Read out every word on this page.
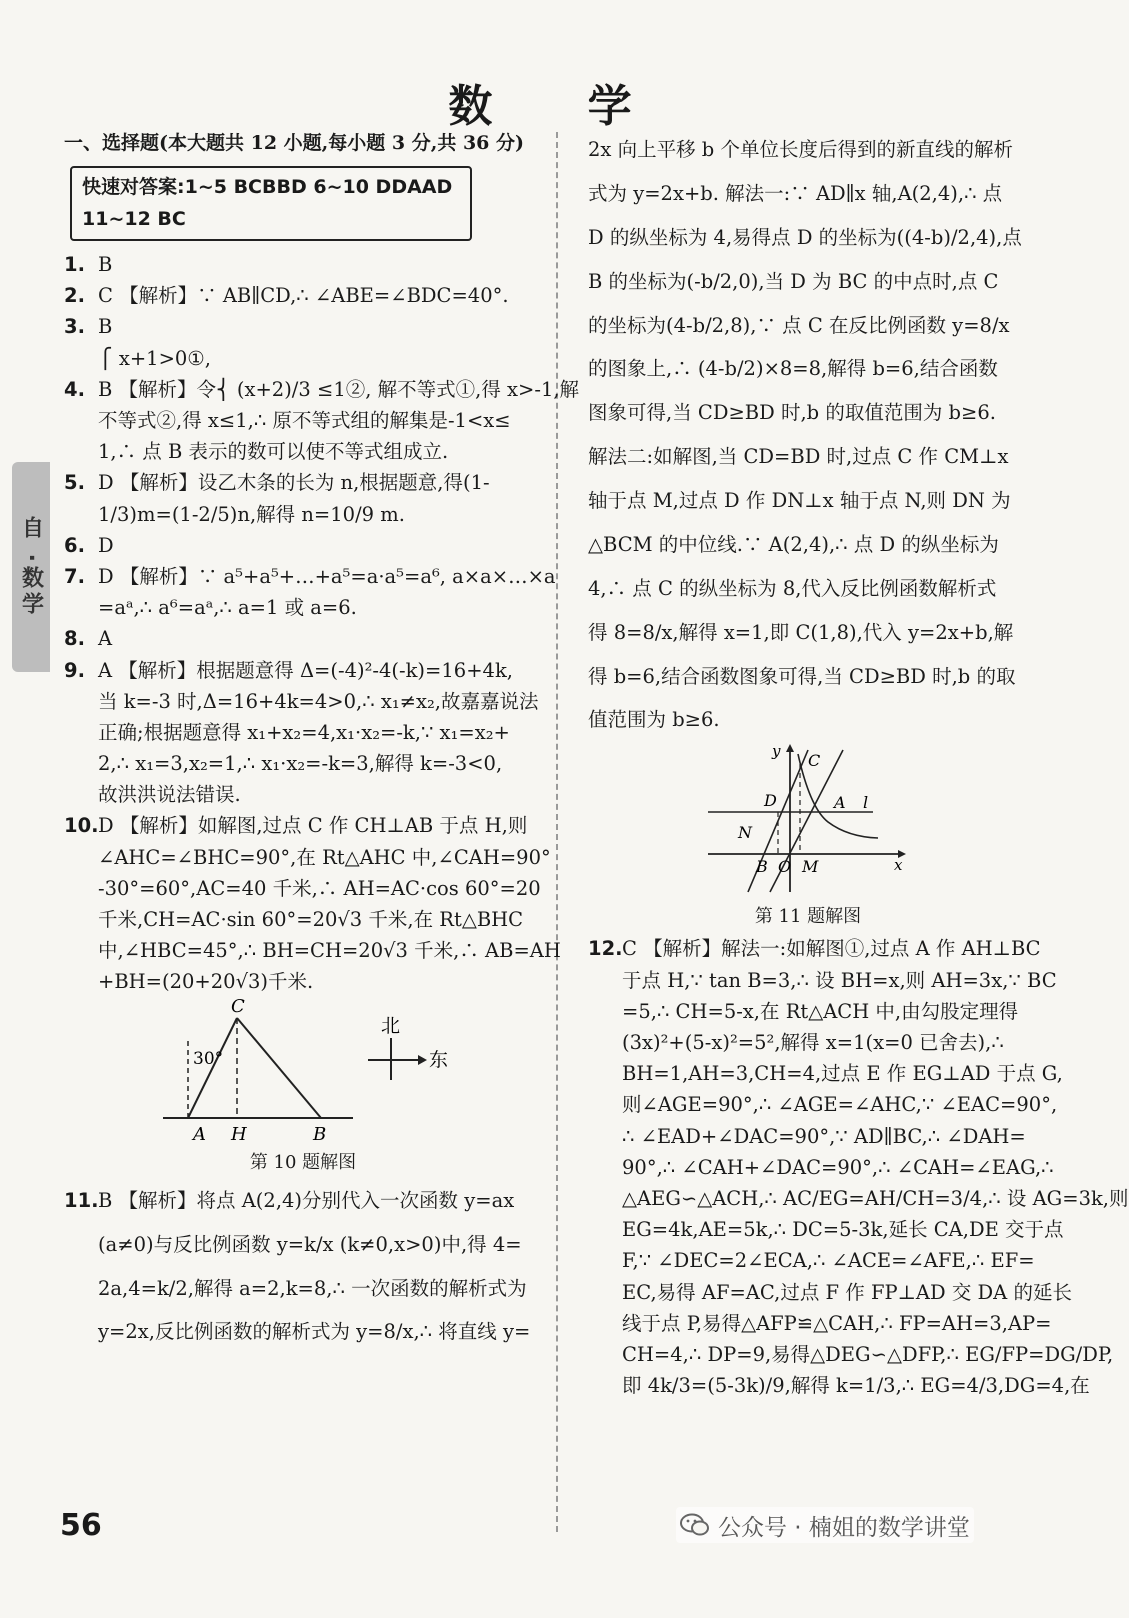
数 学
自 ·数学
一、选择题(本大题共 12 小题,每小题 3 分,共 36 分)
快速对答案:1~5 BCBBD 6~10 DDAAD
11~12 BC

1. B

2. C 【解析】∵ AB∥CD,∴ ∠ABE=∠BDC=40°.

3. B

⎧ x+1>0①,

4. B 【解析】令⎨ (x+2)/3 ≤1②, 解不等式①,得 x>-1,解

不等式②,得 x≤1,∴ 原不等式组的解集是-1<x≤

1,∴ 点 B 表示的数可以使不等式组成立.

5. D 【解析】设乙木条的长为 n,根据题意,得(1-

1/3)m=(1-2/5)n,解得 n=10/9 m.

6. D

7. D 【解析】∵ a⁵+a⁵+…+a⁵=a·a⁵=a⁶, a×a×…×a

=aᵃ,∴ a⁶=aᵃ,∴ a=1 或 a=6.

8. A

9. A 【解析】根据题意得 Δ=(-4)²-4(-k)=16+4k,

当 k=-3 时,Δ=16+4k=4>0,∴ x₁≠x₂,故嘉嘉说法

正确;根据题意得 x₁+x₂=4,x₁·x₂=-k,∵ x₁=x₂+

2,∴ x₁=3,x₂=1,∴ x₁·x₂=-k=3,解得 k=-3<0,

故洪洪说法错误.

10.D 【解析】如解图,过点 C 作 CH⊥AB 于点 H,则

∠AHC=∠BHC=90°,在 Rt△AHC 中,∠CAH=90°

-30°=60°,AC=40 千米,∴ AH=AC·cos 60°=20

千米,CH=AC·sin 60°=20√3 千米,在 Rt△BHC

中,∠HBC=45°,∴ BH=CH=20√3 千米,∴ AB=AH

+BH=(20+20√3)千米.

30°
C
A H	B
北
东
第 10 题解图

11.B 【解析】将点 A(2,4)分别代入一次函数 y=ax

(a≠0)与反比例函数 y=k/x (k≠0,x>0)中,得 4=

2a,4=k/2,解得 a=2,k=8,∴ 一次函数的解析式为

y=2x,反比例函数的解析式为 y=8/x,∴ 将直线 y=

2x 向上平移 b 个单位长度后得到的新直线的解析

式为 y=2x+b. 解法一:∵ AD∥x 轴,A(2,4),∴ 点

D 的纵坐标为 4,易得点 D 的坐标为((4-b)/2,4),点

B 的坐标为(-b/2,0),当 D 为 BC 的中点时,点 C

的坐标为(4-b/2,8),∵ 点 C 在反比例函数 y=8/x

的图象上,∴ (4-b/2)×8=8,解得 b=6,结合函数

图象可得,当 CD≥BD 时,b 的取值范围为 b≥6.

解法二:如解图,当 CD=BD 时,过点 C 作 CM⊥x

轴于点 M,过点 D 作 DN⊥x 轴于点 N,则 DN 为

△BCM 的中位线.∵ A(2,4),∴ 点 D 的纵坐标为

4,∴ 点 C 的纵坐标为 8,代入反比例函数解析式

得 8=8/x,解得 x=1,即 C(1,8),代入 y=2x+b,解

得 b=6,结合函数图象可得,当 CD≥BD 时,b 的取

值范围为 b≥6.

y C
D	A l
N
B O M	x
第 11 题解图

12.C 【解析】解法一:如解图①,过点 A 作 AH⊥BC

于点 H,∵ tan B=3,∴ 设 BH=x,则 AH=3x,∵ BC

=5,∴ CH=5-x,在 Rt△ACH 中,由勾股定理得

(3x)²+(5-x)²=5²,解得 x=1(x=0 已舍去),∴

BH=1,AH=3,CH=4,过点 E 作 EG⊥AD 于点 G,

则∠AGE=90°,∴ ∠AGE=∠AHC,∵ ∠EAC=90°,

∴ ∠EAD+∠DAC=90°,∵ AD∥BC,∴ ∠DAH=

90°,∴ ∠CAH+∠DAC=90°,∴ ∠CAH=∠EAG,∴

△AEG∽△ACH,∴ AC/EG=AH/CH=3/4,∴ 设 AG=3k,则

EG=4k,AE=5k,∴ DC=5-3k,延长 CA,DE 交于点

F,∵ ∠DEC=2∠ECA,∴ ∠ACE=∠AFE,∴ EF=

EC,易得 AF=AC,过点 F 作 FP⊥AD 交 DA 的延长

线于点 P,易得△AFP≌△CAH,∴ FP=AH=3,AP=

CH=4,∴ DP=9,易得△DEG∽△DFP,∴ EG/FP=DG/DP,

即 4k/3=(5-3k)/9,解得 k=1/3,∴ EG=4/3,DG=4,在

56	公众号 · 楠姐的数学讲堂
